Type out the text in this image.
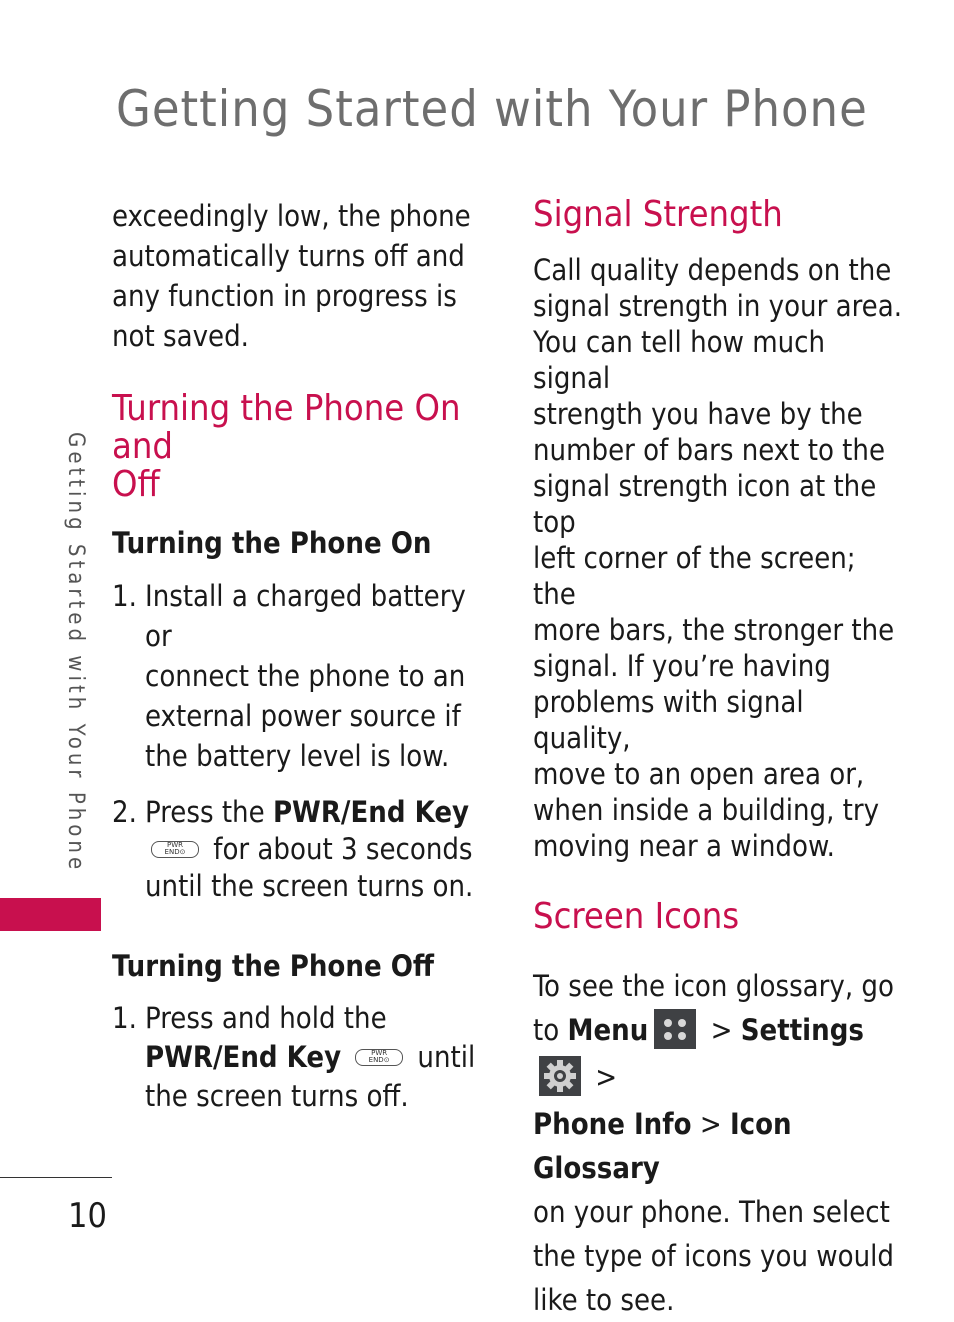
Getting Started with Your Phone
Getting Started with Your Phone
10
exceedingly low, the phone
automatically turns off and
any function in progress is
not saved.
Turning the Phone On and
Off
Turning the Phone On
1. Install a charged battery or
connect the phone to an
external power source if
the battery level is low.
2. Press the PWR/End Key
PWR
END⊙ for about 3 seconds
until the screen turns on.
Turning the Phone Off
1. Press and hold the
PWR/End Key	PWR
END⊙ until
the screen turns off.
Signal Strength
Call quality depends on the
signal strength in your area.
You can tell how much signal
strength you have by the
number of bars next to the
signal strength icon at the top
left corner of the screen; the
more bars, the stronger the
signal. If you’re having
problems with signal quality,
move to an open area or,
when inside a building, try
moving near a window.
Screen Icons
To see the icon glossary, go
to Menu
> Settings
>
Phone Info > Icon Glossary
on your phone. Then select
the type of icons you would
like to see.
